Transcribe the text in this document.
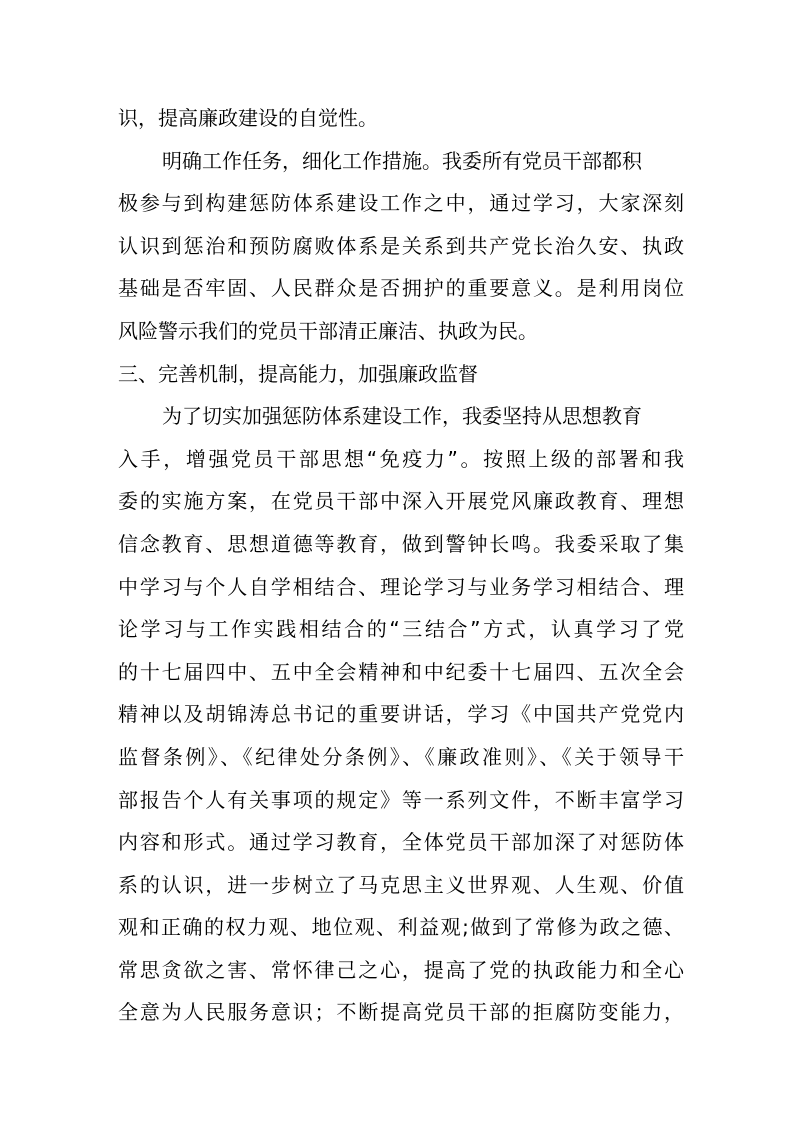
识，提高廉政建设的自觉性。
明确工作任务，细化工作措施。我委所有党员干部都积
极参与到构建惩防体系建设工作之中，通过学习，大家深刻
认识到惩治和预防腐败体系是关系到共产党长治久安、执政
基础是否牢固、人民群众是否拥护的重要意义。是利用岗位
风险警示我们的党员干部清正廉洁、执政为民。
三、完善机制，提高能力，加强廉政监督
为了切实加强惩防体系建设工作，我委坚持从思想教育
入手，增强党员干部思想“免疫力”。按照上级的部署和我
委的实施方案，在党员干部中深入开展党风廉政教育、理想
信念教育、思想道德等教育，做到警钟长鸣。我委采取了集
中学习与个人自学相结合、理论学习与业务学习相结合、理
论学习与工作实践相结合的“三结合”方式，认真学习了党
的十七届四中、五中全会精神和中纪委十七届四、五次全会
精神以及胡锦涛总书记的重要讲话，学习《中国共产党党内
监督条例》、《纪律处分条例》、《廉政准则》、《关于领导干
部报告个人有关事项的规定》等一系列文件，不断丰富学习
内容和形式。通过学习教育，全体党员干部加深了对惩防体
系的认识，进一步树立了马克思主义世界观、人生观、价值
观和正确的权力观、地位观、利益观;做到了常修为政之德、
常思贪欲之害、常怀律己之心，提高了党的执政能力和全心
全意为人民服务意识；不断提高党员干部的拒腐防变能力，
